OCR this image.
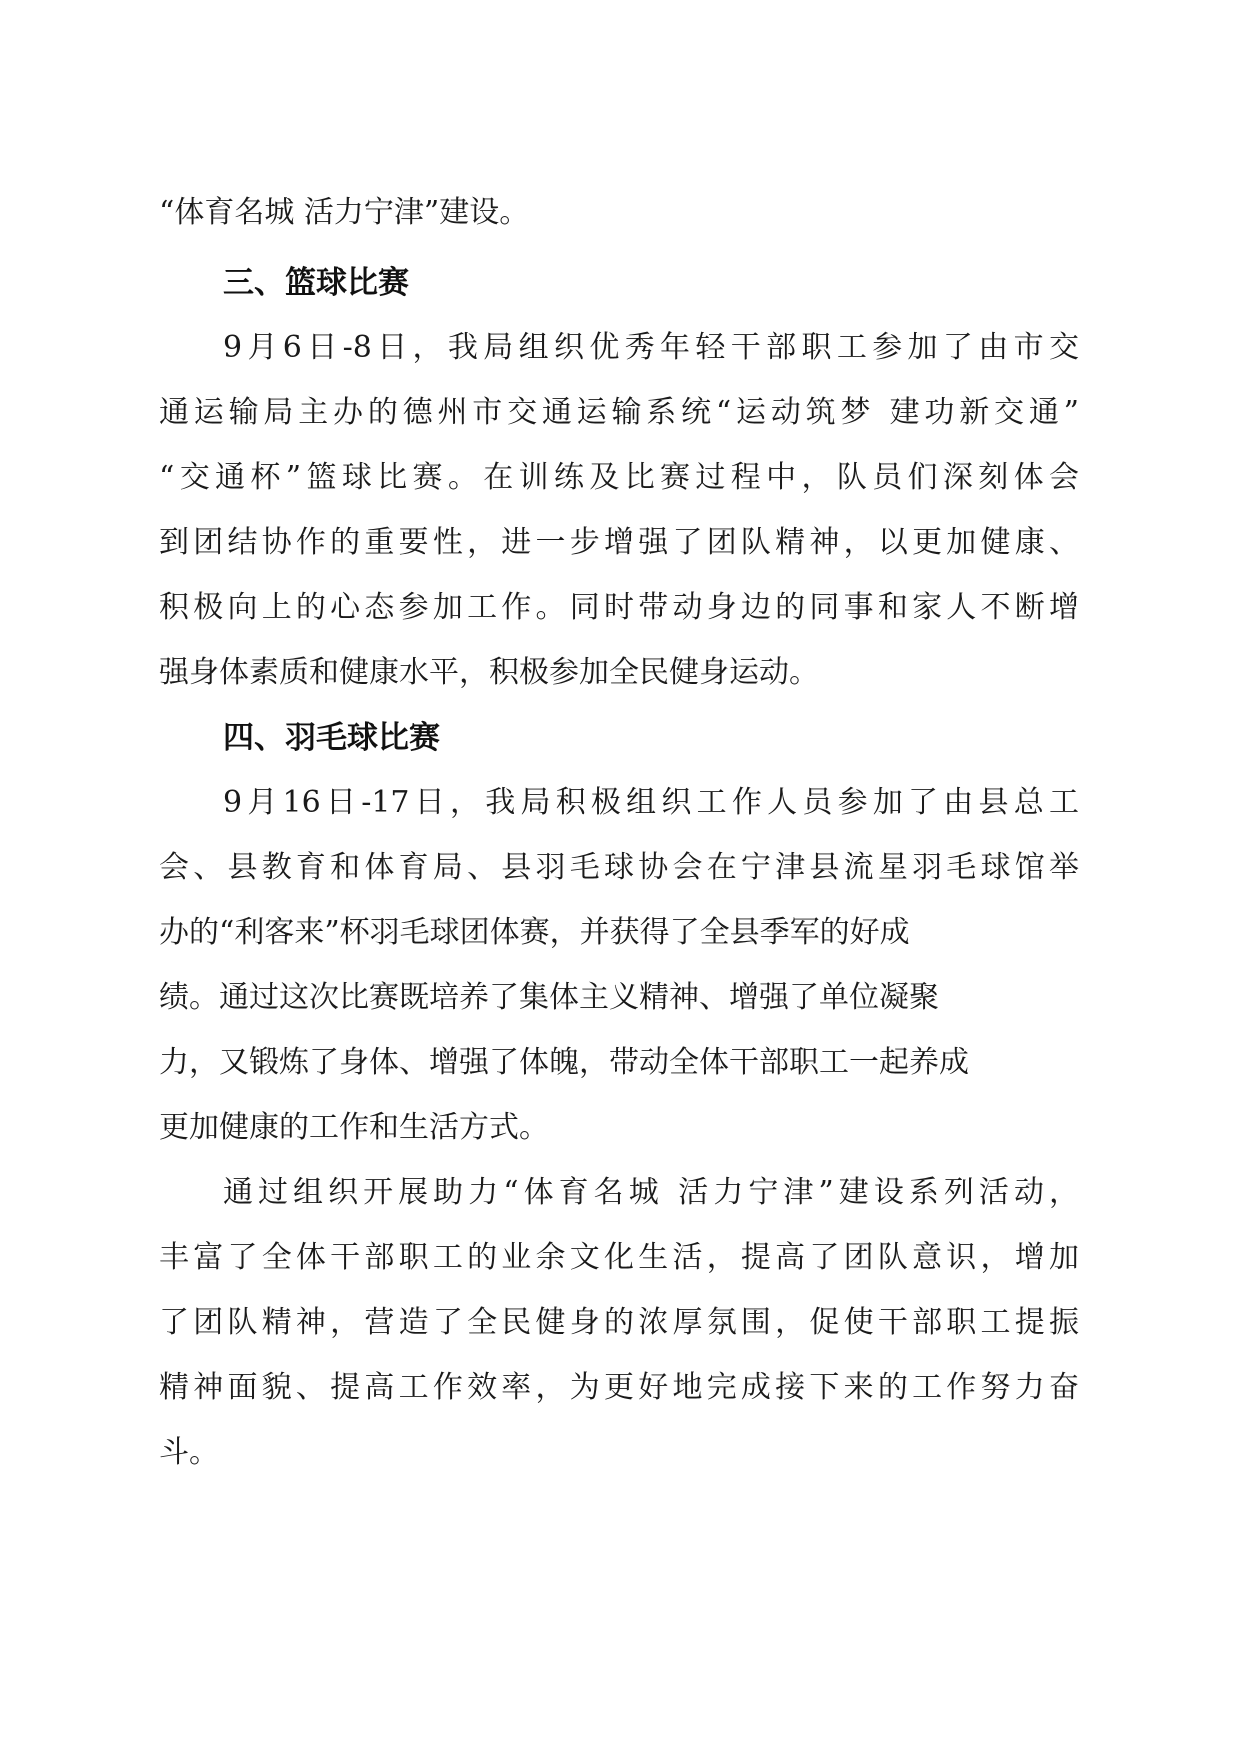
“体育名城 活力宁津”建设。
三、篮球比赛
9月6日-8日，我局组织优秀年轻干部职工参加了由市交
通运输局主办的德州市交通运输系统“运动筑梦 建功新交通”
“交通杯”篮球比赛。在训练及比赛过程中，队员们深刻体会
到团结协作的重要性，进一步增强了团队精神，以更加健康、
积极向上的心态参加工作。同时带动身边的同事和家人不断增
强身体素质和健康水平，积极参加全民健身运动。
四、羽毛球比赛
9月16日-17日，我局积极组织工作人员参加了由县总工
会、县教育和体育局、县羽毛球协会在宁津县流星羽毛球馆举
办的“利客来”杯羽毛球团体赛，并获得了全县季军的好成
绩。通过这次比赛既培养了集体主义精神、增强了单位凝聚
力，又锻炼了身体、增强了体魄，带动全体干部职工一起养成
更加健康的工作和生活方式。
通过组织开展助力“体育名城 活力宁津”建设系列活动，
丰富了全体干部职工的业余文化生活，提高了团队意识，增加
了团队精神，营造了全民健身的浓厚氛围，促使干部职工提振
精神面貌、提高工作效率，为更好地完成接下来的工作努力奋
斗。
